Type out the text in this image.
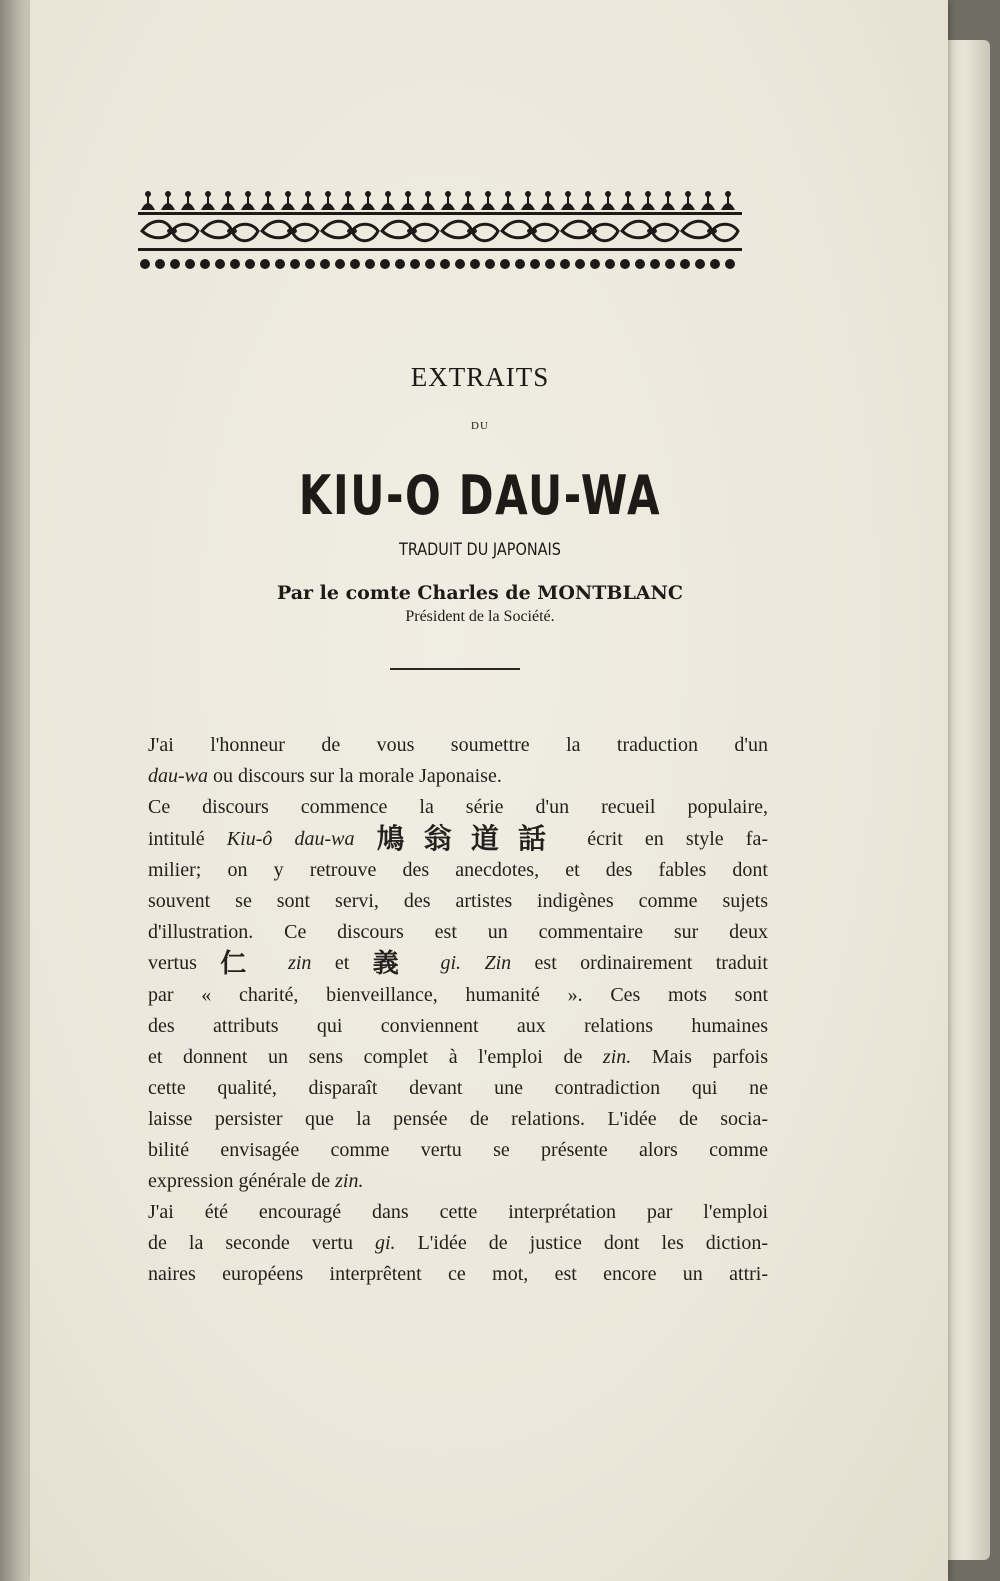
EXTRAITS
DU
KIU-O DAU-WA
TRADUIT DU JAPONAIS
Par le comte Charles de MONTBLANC
Président de la Société.

J'ai l'honneur de vous soumettre la traduction d'un
dau-wa ou discours sur la morale Japonaise.

Ce discours commence la série d'un recueil populaire,
intitulé Kiu-ô dau-wa 鳩翁道話 écrit en style fa-
milier; on y retrouve des anecdotes, et des fables dont
souvent se sont servi, des artistes indigènes comme sujets
d'illustration. Ce discours est un commentaire sur deux
vertus 仁 zin et 義 gi. Zin est ordinairement traduit
par « charité, bienveillance, humanité ». Ces mots sont
des attributs qui conviennent aux relations humaines
et donnent un sens complet à l'emploi de zin. Mais parfois
cette qualité, disparaît devant une contradiction qui ne
laisse persister que la pensée de relations. L'idée de socia-
bilité envisagée comme vertu se présente alors comme
expression générale de zin.

J'ai été encouragé dans cette interprétation par l'emploi
de la seconde vertu gi. L'idée de justice dont les diction-
naires européens interprêtent ce mot, est encore un attri-
